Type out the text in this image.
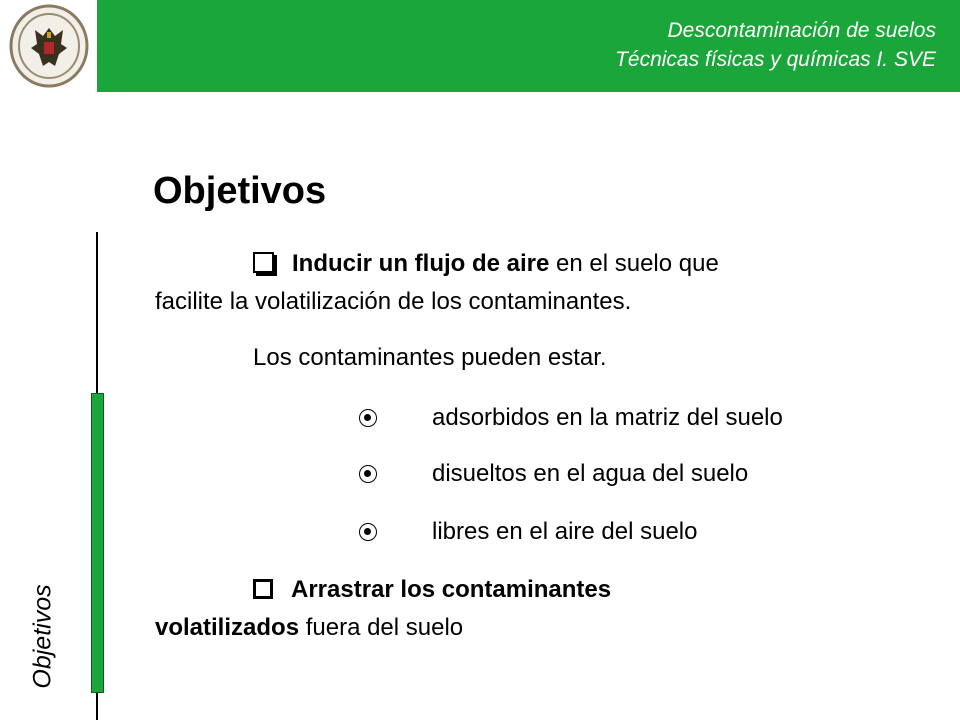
Descontaminación de suelos
Técnicas físicas y químicas I. SVE
Objetivos
Objetivos
Inducir un flujo de aire en el suelo que
facilite la volatilización de los contaminantes.
Los contaminantes pueden estar.
adsorbidos en la matriz del suelo
disueltos en el agua del suelo
libres en el aire del suelo
Arrastrar los contaminantes
volatilizados fuera del suelo
